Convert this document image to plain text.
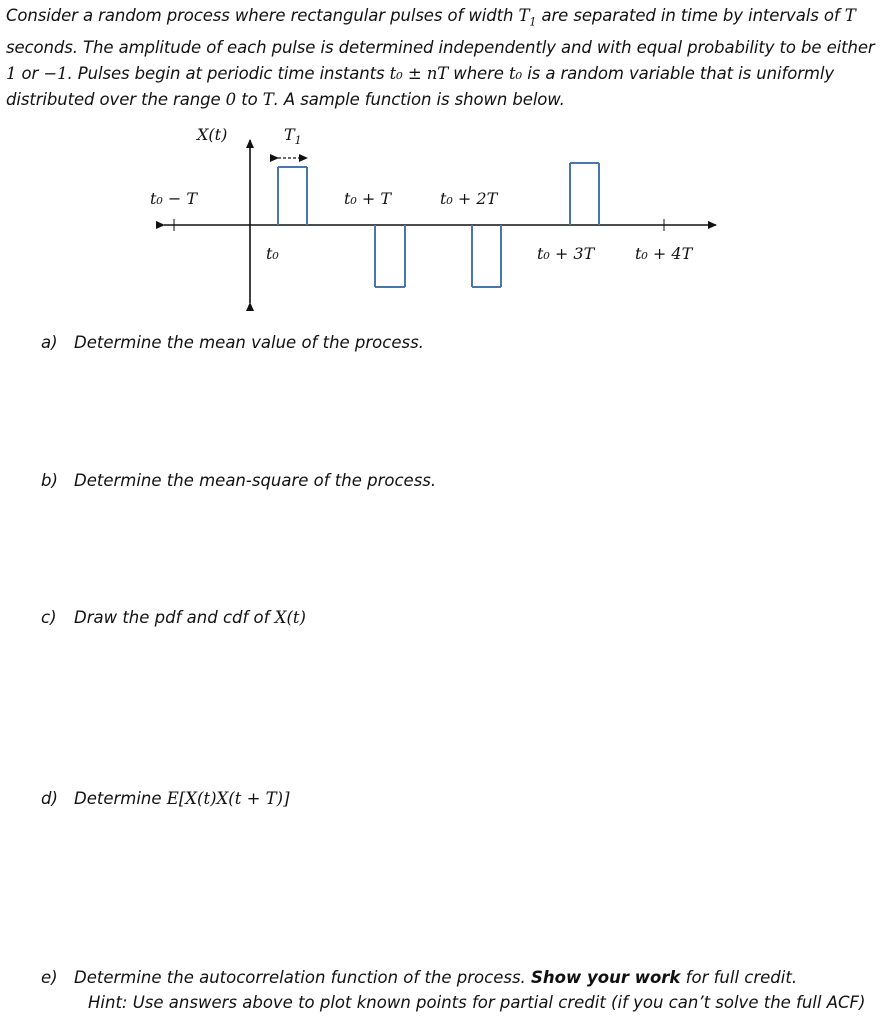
Consider a random process where rectangular pulses of width $T_1$ are separated in time by intervals of T seconds. The amplitude of each pulse is determined independently and with equal probability to be either 1 or −1. Pulses begin at periodic time instants t₀ ± nT where t₀ is a random variable that is uniformly distributed over the range 0 to T. A sample function is shown below.
X(t)	$T_1$
t₀ − T	t₀ + T	t₀ + 2T
t₀	t₀ + 3T	t₀ + 4T
a) Determine the mean value of the process.
b) Determine the mean-square of the process.
c) Draw the pdf and cdf of X(t)
d) Determine E[X(t)X(t + T)]
e) Determine the autocorrelation function of the process. Show your work for full credit.
Hint: Use answers above to plot known points for partial credit (if you can’t solve the full ACF)
